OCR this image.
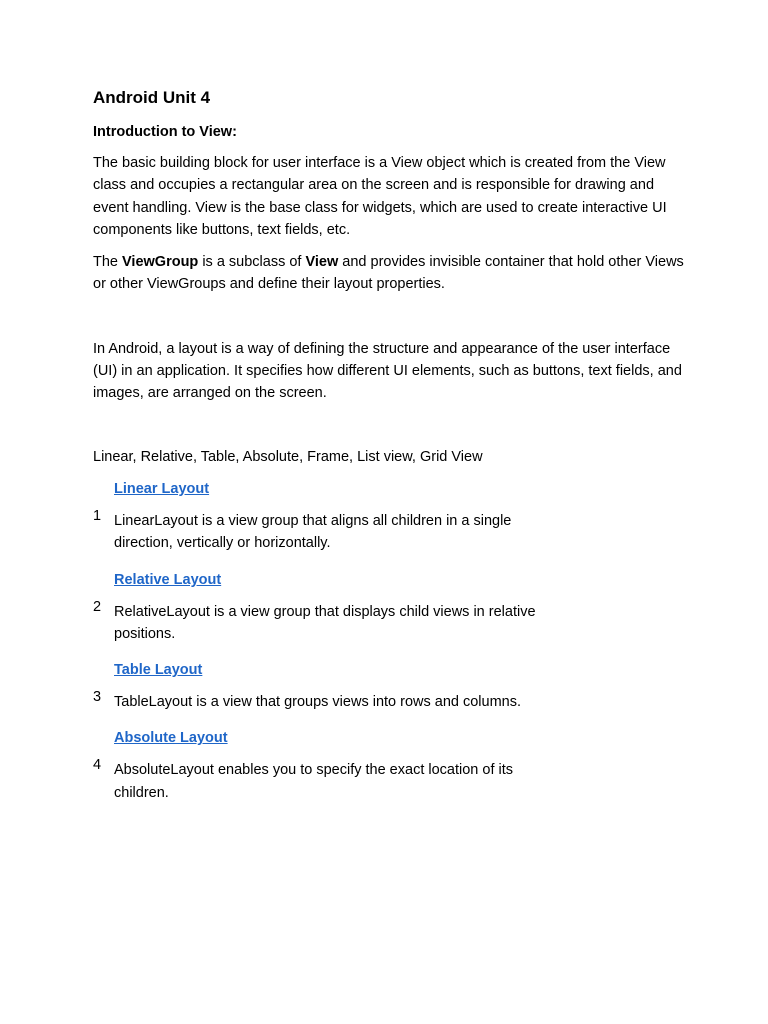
Android Unit 4
Introduction to View:

The basic building block for user interface is a View object which is created from the View class and occupies a rectangular area on the screen and is responsible for drawing and event handling. View is the base class for widgets, which are used to create interactive UI components like buttons, text fields, etc.

The ViewGroup is a subclass of View and provides invisible container that hold other Views or other ViewGroups and define their layout properties.

In Android, a layout is a way of defining the structure and appearance of the user interface (UI) in an application. It specifies how different UI elements, such as buttons, text fields, and images, are arranged on the screen.

Linear, Relative, Table, Absolute, Frame, List view, Grid View

Linear Layout
1 LinearLayout is a view group that aligns all children in a single direction, vertically or horizontally.
Relative Layout
2 RelativeLayout is a view group that displays child views in relative positions.
Table Layout
3 TableLayout is a view that groups views into rows and columns.
Absolute Layout
4 AbsoluteLayout enables you to specify the exact location of its children.
